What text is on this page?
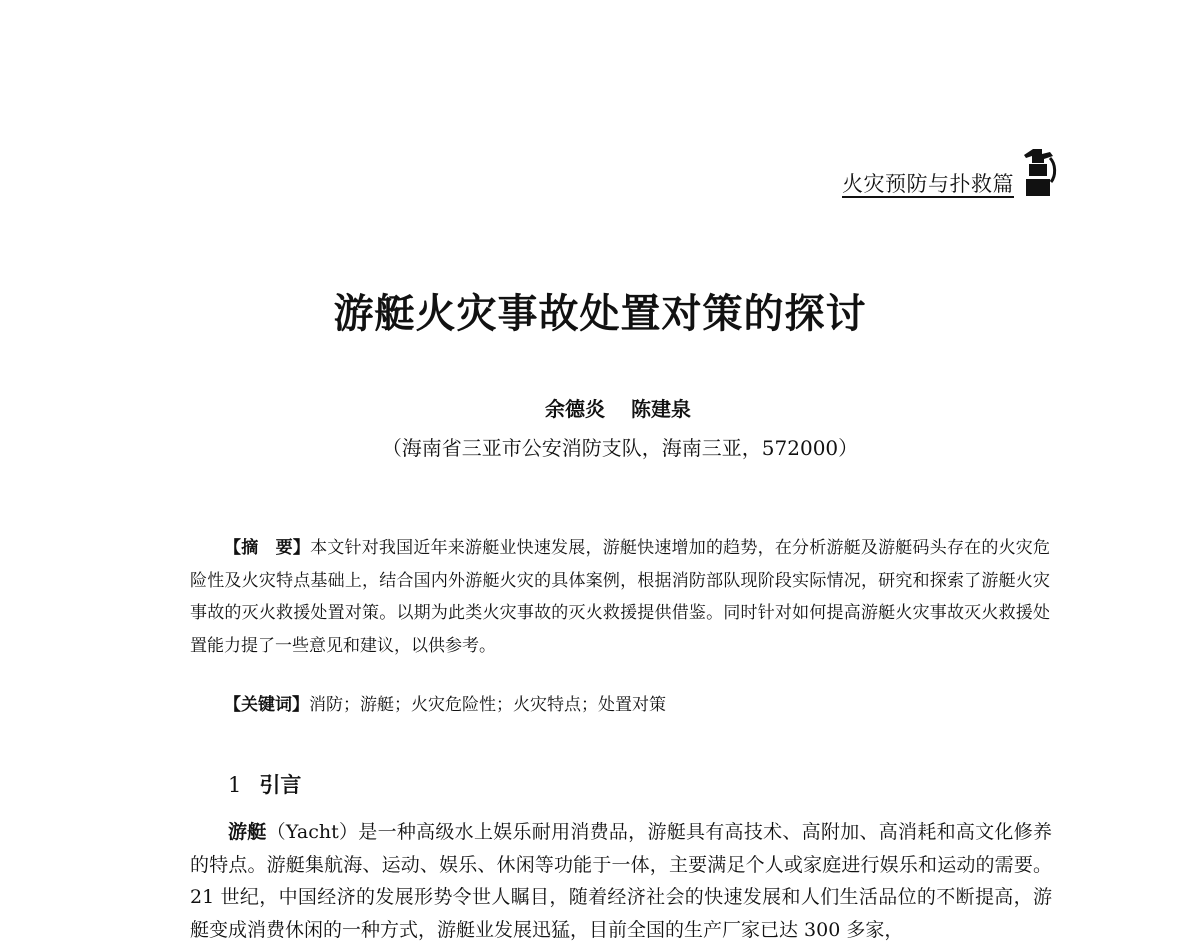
火灾预防与扑救篇
游艇火灾事故处置对策的探讨
余德炎 陈建泉
（海南省三亚市公安消防支队，海南三亚，572000）

【摘　要】本文针对我国近年来游艇业快速发展，游艇快速增加的趋势，在分析游艇及游艇码头存在的火灾危险性及火灾特点基础上，结合国内外游艇火灾的具体案例，根据消防部队现阶段实际情况，研究和探索了游艇火灾事故的灭火救援处置对策。以期为此类火灾事故的灭火救援提供借鉴。同时针对如何提高游艇火灾事故灭火救援处置能力提了一些意见和建议，以供参考。

【关键词】消防；游艇；火灾危险性；火灾特点；处置对策
1 引言

游艇（Yacht）是一种高级水上娱乐耐用消费品，游艇具有高技术、高附加、高消耗和高文化修养的特点。游艇集航海、运动、娱乐、休闲等功能于一体，主要满足个人或家庭进行娱乐和运动的需要。21 世纪，中国经济的发展形势令世人瞩目，随着经济社会的快速发展和人们生活品位的不断提高，游艇变成消费休闲的一种方式，游艇业发展迅猛，目前全国的生产厂家已达 300 多家，
